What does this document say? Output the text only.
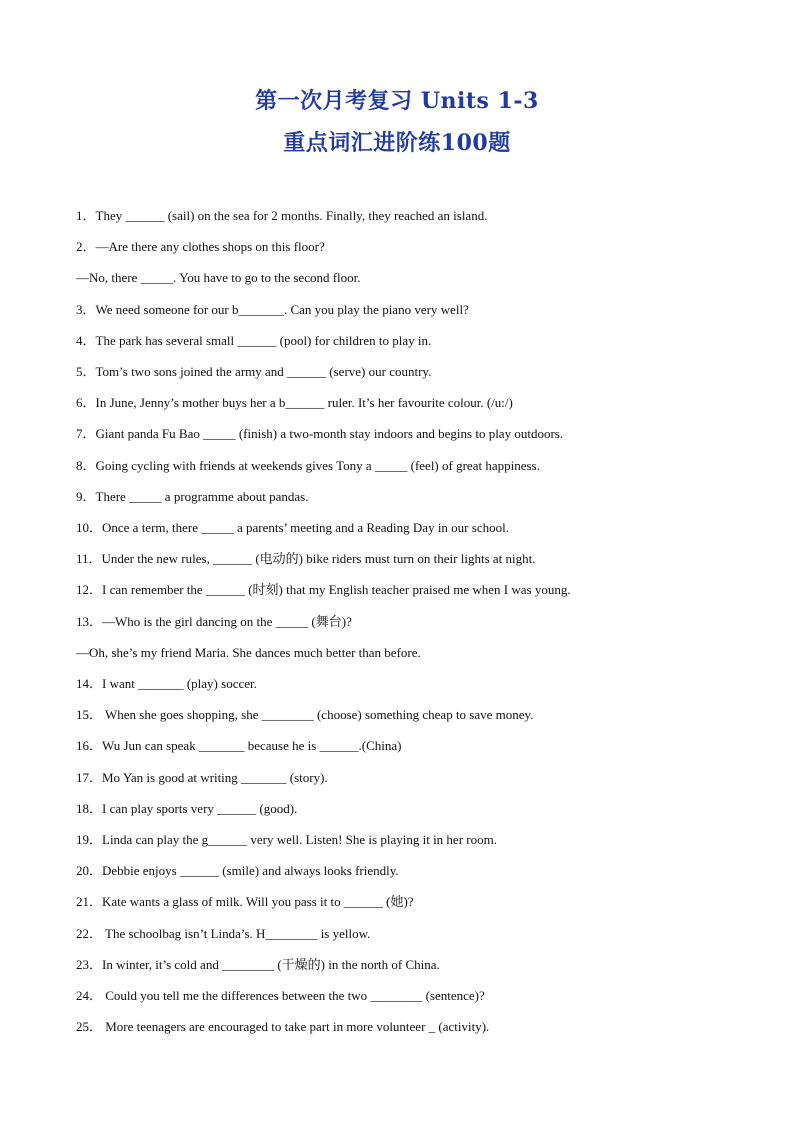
第一次月考复习 Units 1-3
重点词汇进阶练100题
1．They ______ (sail) on the sea for 2 months. Finally, they reached an island.
2．—Are there any clothes shops on this floor?
—No, there _____. You have to go to the second floor.
3．We need someone for our b_______. Can you play the piano very well?
4．The park has several small ______ (pool) for children to play in.
5．Tom’s two sons joined the army and ______ (serve) our country.
6．In June, Jenny’s mother buys her a b______ ruler. It’s her favourite colour. (/u:/)
7．Giant panda Fu Bao _____ (finish) a two-month stay indoors and begins to play outdoors.
8．Going cycling with friends at weekends gives Tony a _____ (feel) of great happiness.
9．There _____ a programme about pandas.
10．Once a term, there _____ a parents’ meeting and a Reading Day in our school.
11．Under the new rules, ______ (电动的) bike riders must turn on their lights at night.
12．I can remember the ______ (时刻) that my English teacher praised me when I was young.
13．—Who is the girl dancing on the _____ (舞台)?
—Oh, she’s my friend Maria. She dances much better than before.
14．I want _______ (play) soccer.
15． When she goes shopping, she ________ (choose) something cheap to save money.
16．Wu Jun can speak _______ because he is ______.(China)
17．Mo Yan is good at writing _______ (story).
18．I can play sports very ______ (good).
19．Linda can play the g______ very well. Listen! She is playing it in her room.
20．Debbie enjoys ______ (smile) and always looks friendly.
21．Kate wants a glass of milk. Will you pass it to ______ (她)?
22． The schoolbag isn’t Linda’s. H________ is yellow.
23．In winter, it’s cold and ________ (干燥的) in the north of China.
24． Could you tell me the differences between the two ________ (sentence)?
25． More teenagers are encouraged to take part in more volunteer _ (activity).
